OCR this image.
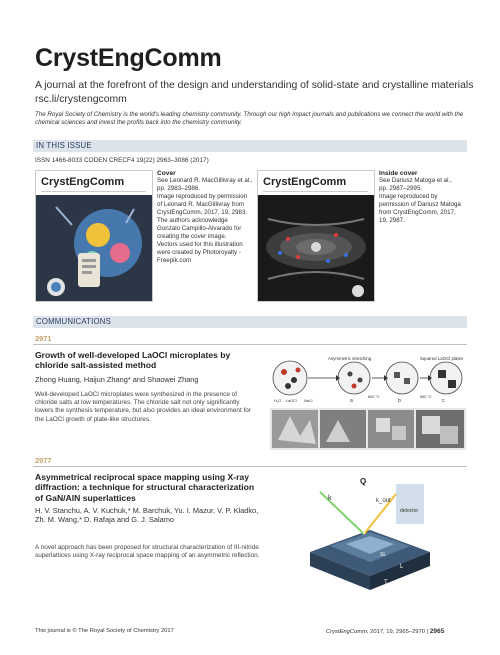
CrystEngComm
A journal at the forefront of the design and understanding of solid-state and crystalline materials
rsc.li/crystengcomm
The Royal Society of Chemistry is the world's leading chemistry community. Through our high impact journals and publications we connect the world with the chemical sciences and invest the profits back into the chemistry community.
IN THIS ISSUE
ISSN 1466-8033 CODEN CRECF4 19(22) 2963–3086 (2017)
CrystEngComm
Cover
See Leonard R. MacGillivray et al.,
pp. 2983–2986.
Image reproduced by permission
of Leonard R. MacGillivray from
CrystEngComm, 2017, 19, 2983.
The authors acknowledge
Gonzalo Campillo-Alvarado for
creating the cover image.
Vectors used for this illustration
were created by Photoroyalty -
Freepik.com
CrystEngComm
Inside cover
See Dariusz Matoga et al.,
pp. 2987–2995.
Image reproduced by
permission of Dariusz Matoga
from CrystEngComm, 2017,
19, 2987.
COMMUNICATIONS
2971
Growth of well-developed LaOCl microplates by chloride salt-assisted method
Zhong Huang, Haijun Zhang* and Shaowei Zhang
Well-developed LaOCl microplates were synthesized in the presence of chloride salts at low temperatures. The chloride salt not only significantly lowers the synthesis temperature, but also provides an ideal environment for the LaOCl growth of plate-like structures.
Asymmetric stretching	Squared LaOCl plates
a	b	c
600 °C	550 °C
H₂O LaOCl NaCl
2977
Asymmetrical reciprocal space mapping using X-ray diffraction: a technique for structural characterization of GaN/AlN superlattices
H. V. Stanchu, A. V. Kuchuk,* M. Barchuk, Yu. I. Mazur, V. P. Kladko, Zh. M. Wang,* D. Rafaja and G. J. Salamo
A novel approach has been proposed for structural characterization of III-nitride superlattices using X-ray reciprocal space mapping of an asymmetric reflection.
Q
k	k_out
detector
SL
L
T
This journal is © The Royal Society of Chemistry 2017	CrystEngComm, 2017, 19, 2965–2970 | 2965
